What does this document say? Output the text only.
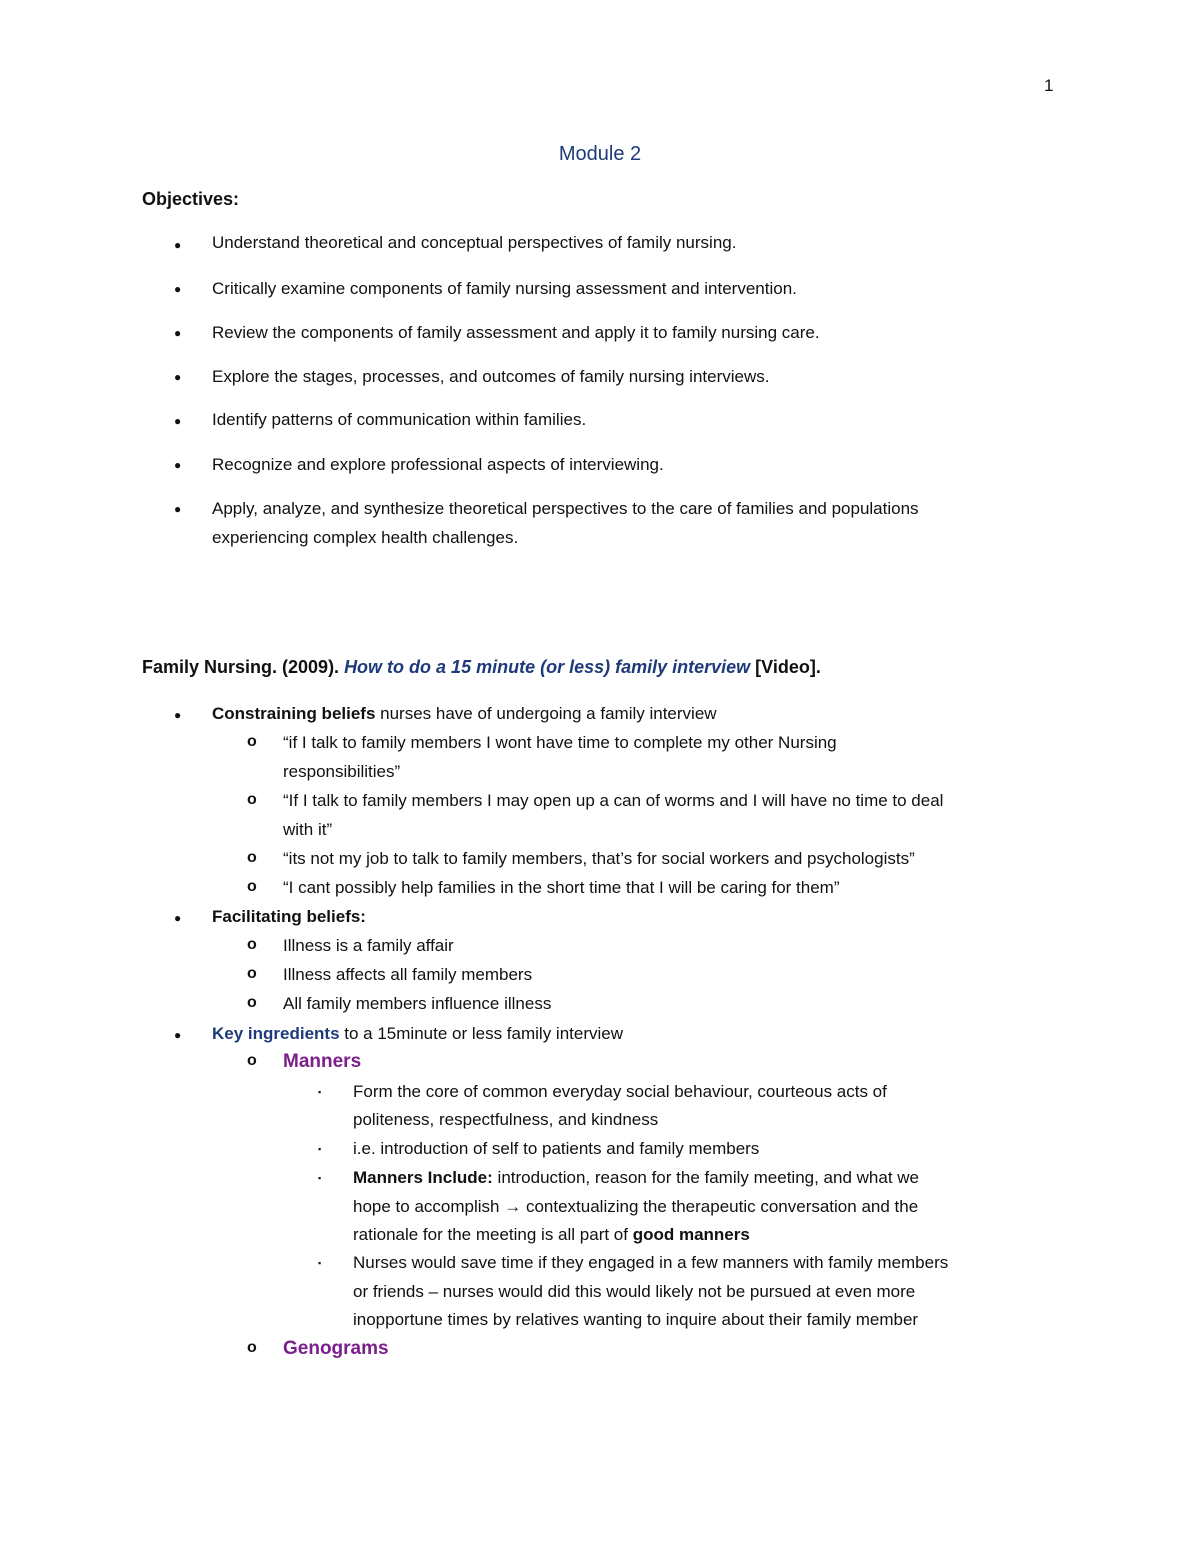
1
Module 2
Objectives:
● Understand theoretical and conceptual perspectives of family nursing.
● Critically examine components of family nursing assessment and intervention.
● Review the components of family assessment and apply it to family nursing care.
● Explore the stages, processes, and outcomes of family nursing interviews.
● Identify patterns of communication within families.
● Recognize and explore professional aspects of interviewing.
● Apply, analyze, and synthesize theoretical perspectives to the care of families and populations
experiencing complex health challenges.
Family Nursing. (2009). How to do a 15 minute (or less) family interview [Video].
● Constraining beliefs nurses have of undergoing a family interview
o “if I talk to family members I wont have time to complete my other Nursing
responsibilities”
o “If I talk to family members I may open up a can of worms and I will have no time to deal
with it”
o “its not my job to talk to family members, that’s for social workers and psychologists”
o “I cant possibly help families in the short time that I will be caring for them”
● Facilitating beliefs:
o Illness is a family affair
o Illness affects all family members
o All family members influence illness
● Key ingredients to a 15minute or less family interview
o Manners
▪ Form the core of common everyday social behaviour, courteous acts of
politeness, respectfulness, and kindness
▪ i.e. introduction of self to patients and family members
▪ Manners Include: introduction, reason for the family meeting, and what we
hope to accomplish → contextualizing the therapeutic conversation and the
rationale for the meeting is all part of good manners
▪ Nurses would save time if they engaged in a few manners with family members
or friends – nurses would did this would likely not be pursued at even more
inopportune times by relatives wanting to inquire about their family member
o Genograms
